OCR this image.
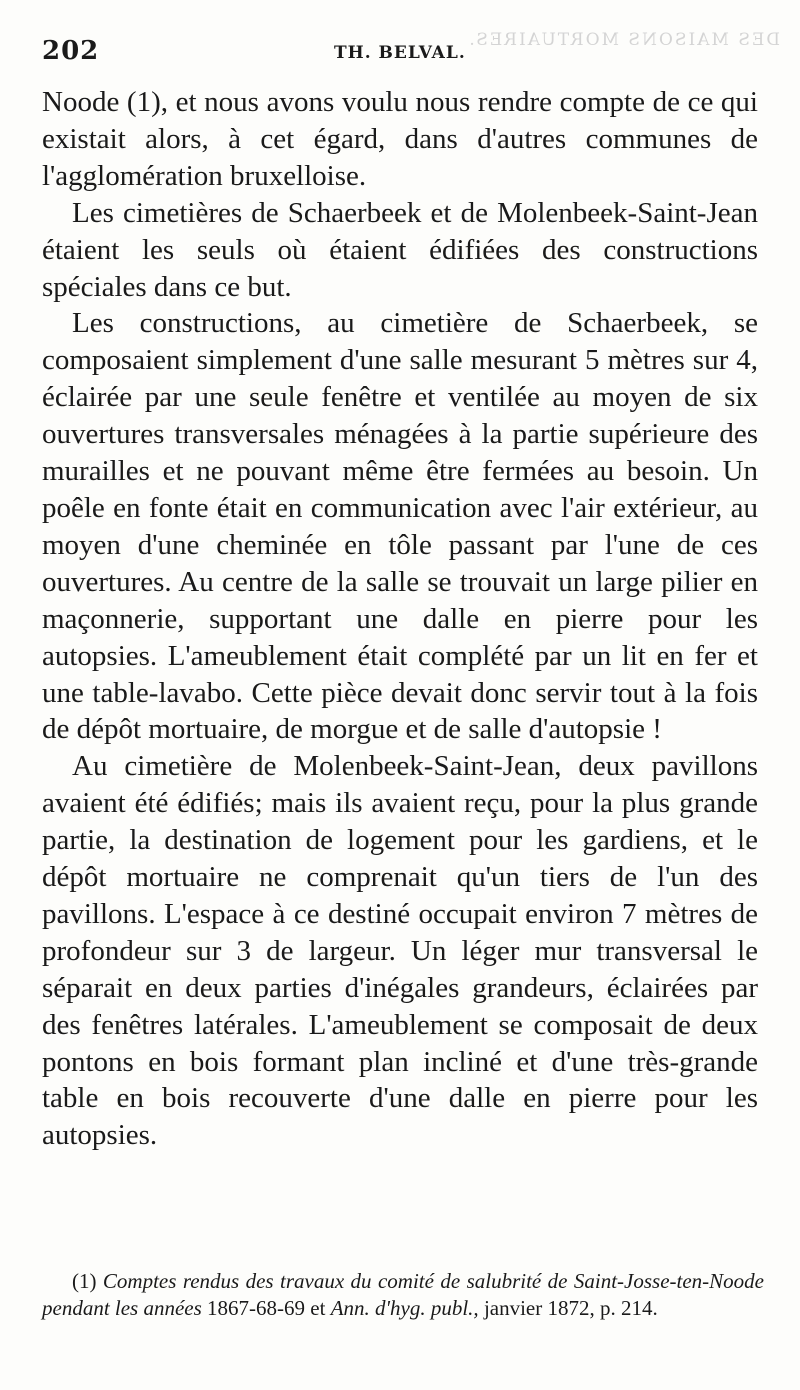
DES MAISONS MORTUAIRES.
202	TH. BELVAL.

Noode (1), et nous avons voulu nous rendre compte de ce qui existait alors, à cet égard, dans d'autres communes de l'agglomération bruxelloise.

Les cimetières de Schaerbeek et de Molenbeek-Saint-Jean étaient les seuls où étaient édifiées des constructions spéciales dans ce but.

Les constructions, au cimetière de Schaerbeek, se composaient simplement d'une salle mesurant 5 mètres sur 4, éclairée par une seule fenêtre et ventilée au moyen de six ouvertures transversales ménagées à la partie supérieure des murailles et ne pouvant même être fermées au besoin. Un poêle en fonte était en communication avec l'air extérieur, au moyen d'une cheminée en tôle passant par l'une de ces ouvertures. Au centre de la salle se trouvait un large pilier en maçonnerie, supportant une dalle en pierre pour les autopsies. L'ameublement était complété par un lit en fer et une table-lavabo. Cette pièce devait donc servir tout à la fois de dépôt mortuaire, de morgue et de salle d'autopsie !

Au cimetière de Molenbeek-Saint-Jean, deux pavillons avaient été édifiés; mais ils avaient reçu, pour la plus grande partie, la destination de logement pour les gardiens, et le dépôt mortuaire ne comprenait qu'un tiers de l'un des pavillons. L'espace à ce destiné occupait environ 7 mètres de profondeur sur 3 de largeur. Un léger mur transversal le séparait en deux parties d'inégales grandeurs, éclairées par des fenêtres latérales. L'ameublement se composait de deux pontons en bois formant plan incliné et d'une très-grande table en bois recouverte d'une dalle en pierre pour les autopsies.

(1) Comptes rendus des travaux du comité de salubrité de Saint-Josse-ten-Noode pendant les années 1867-68-69 et Ann. d'hyg. publ., janvier 1872, p. 214.
